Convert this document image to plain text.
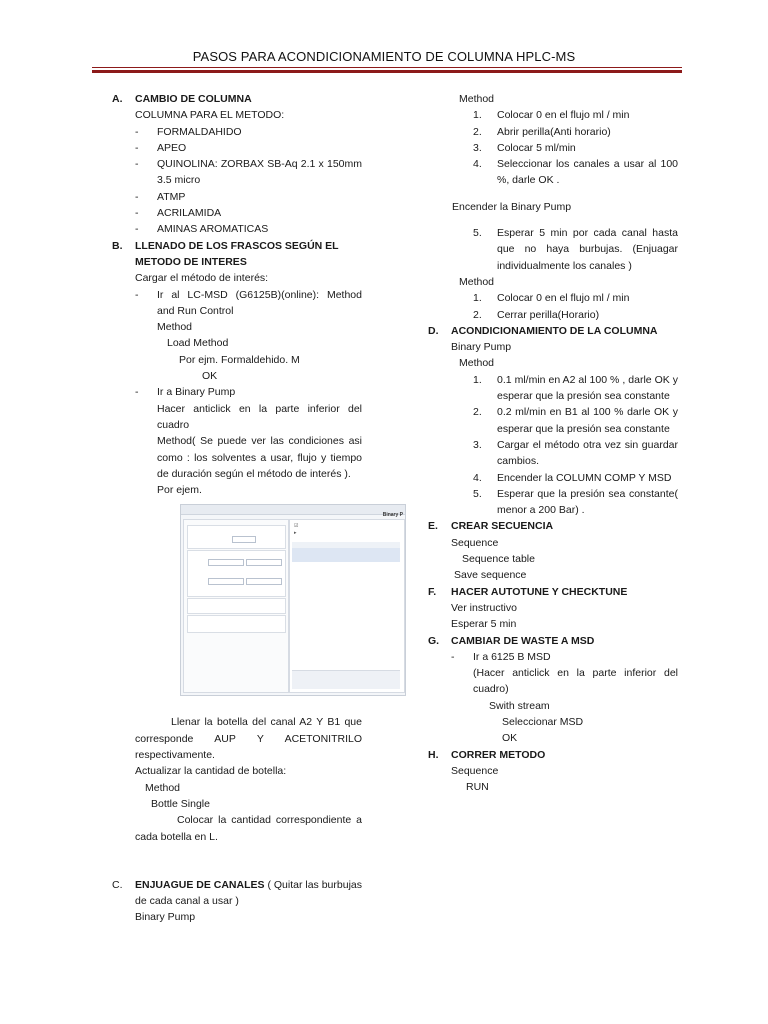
PASOS PARA ACONDICIONAMIENTO DE COLUMNA HPLC-MS
A.	CAMBIO DE COLUMNA
COLUMNA PARA EL METODO:
-	FORMALDAHIDO
-	APEO
-	QUINOLINA: ZORBAX SB-Aq 2.1 x 150mm 3.5 micro
-	ATMP
-	ACRILAMIDA
-	AMINAS AROMATICAS
B.	LLENADO DE LOS FRASCOS SEGÚN EL METODO DE INTERES
Cargar el método de interés:
-	Ir al LC-MSD (G6125B)(online): Method and Run Control
Method
Load Method
Por ejm. Formaldehido. M
OK
-	Ir a Binary Pump
Hacer anticlick en la parte inferior del cuadro
Method( Se puede ver las condiciones asi como : los solventes a usar, flujo y tiempo de duración según el método de interés ).
Por ejem.
Binary P
☑
▸
Llenar la botella del canal A2 Y B1 que corresponde AUP Y ACETONITRILO respectivamente.
Actualizar la cantidad de botella:
Method
Bottle Single
Colocar la cantidad correspondiente a cada botella en L.
C.	ENJUAGUE DE CANALES ( Quitar las burbujas de cada canal a usar )
Binary Pump
Method
1.	Colocar 0 en el flujo ml / min
2.	Abrir perilla(Anti horario)
3.	Colocar 5 ml/min
4.	Seleccionar los canales a usar al 100 %, darle OK .
Encender la Binary Pump
5.	Esperar 5 min por cada canal hasta que no haya burbujas. (Enjuagar individualmente los canales )
Method
1.	Colocar 0 en el flujo ml / min
2.	Cerrar perilla(Horario)
D.	ACONDICIONAMIENTO DE LA COLUMNA
Binary Pump
Method
1.	0.1 ml/min en A2 al 100 % , darle OK y esperar que la presión sea constante
2.	0.2 ml/min en B1 al 100 % darle OK y esperar que la presión sea constante
3.	Cargar el método otra vez sin guardar cambios.
4.	Encender la COLUMN COMP Y MSD
5.	Esperar que la presión sea constante( menor a 200 Bar) .
E.	CREAR SECUENCIA
Sequence
Sequence table
Save sequence
F.	HACER AUTOTUNE Y CHECKTUNE
Ver instructivo
Esperar 5 min
G.	CAMBIAR DE WASTE A MSD
-	Ir a 6125 B MSD
(Hacer anticlick en la parte inferior del cuadro)
Swith stream
Seleccionar MSD
OK
H.	CORRER METODO
Sequence
RUN
